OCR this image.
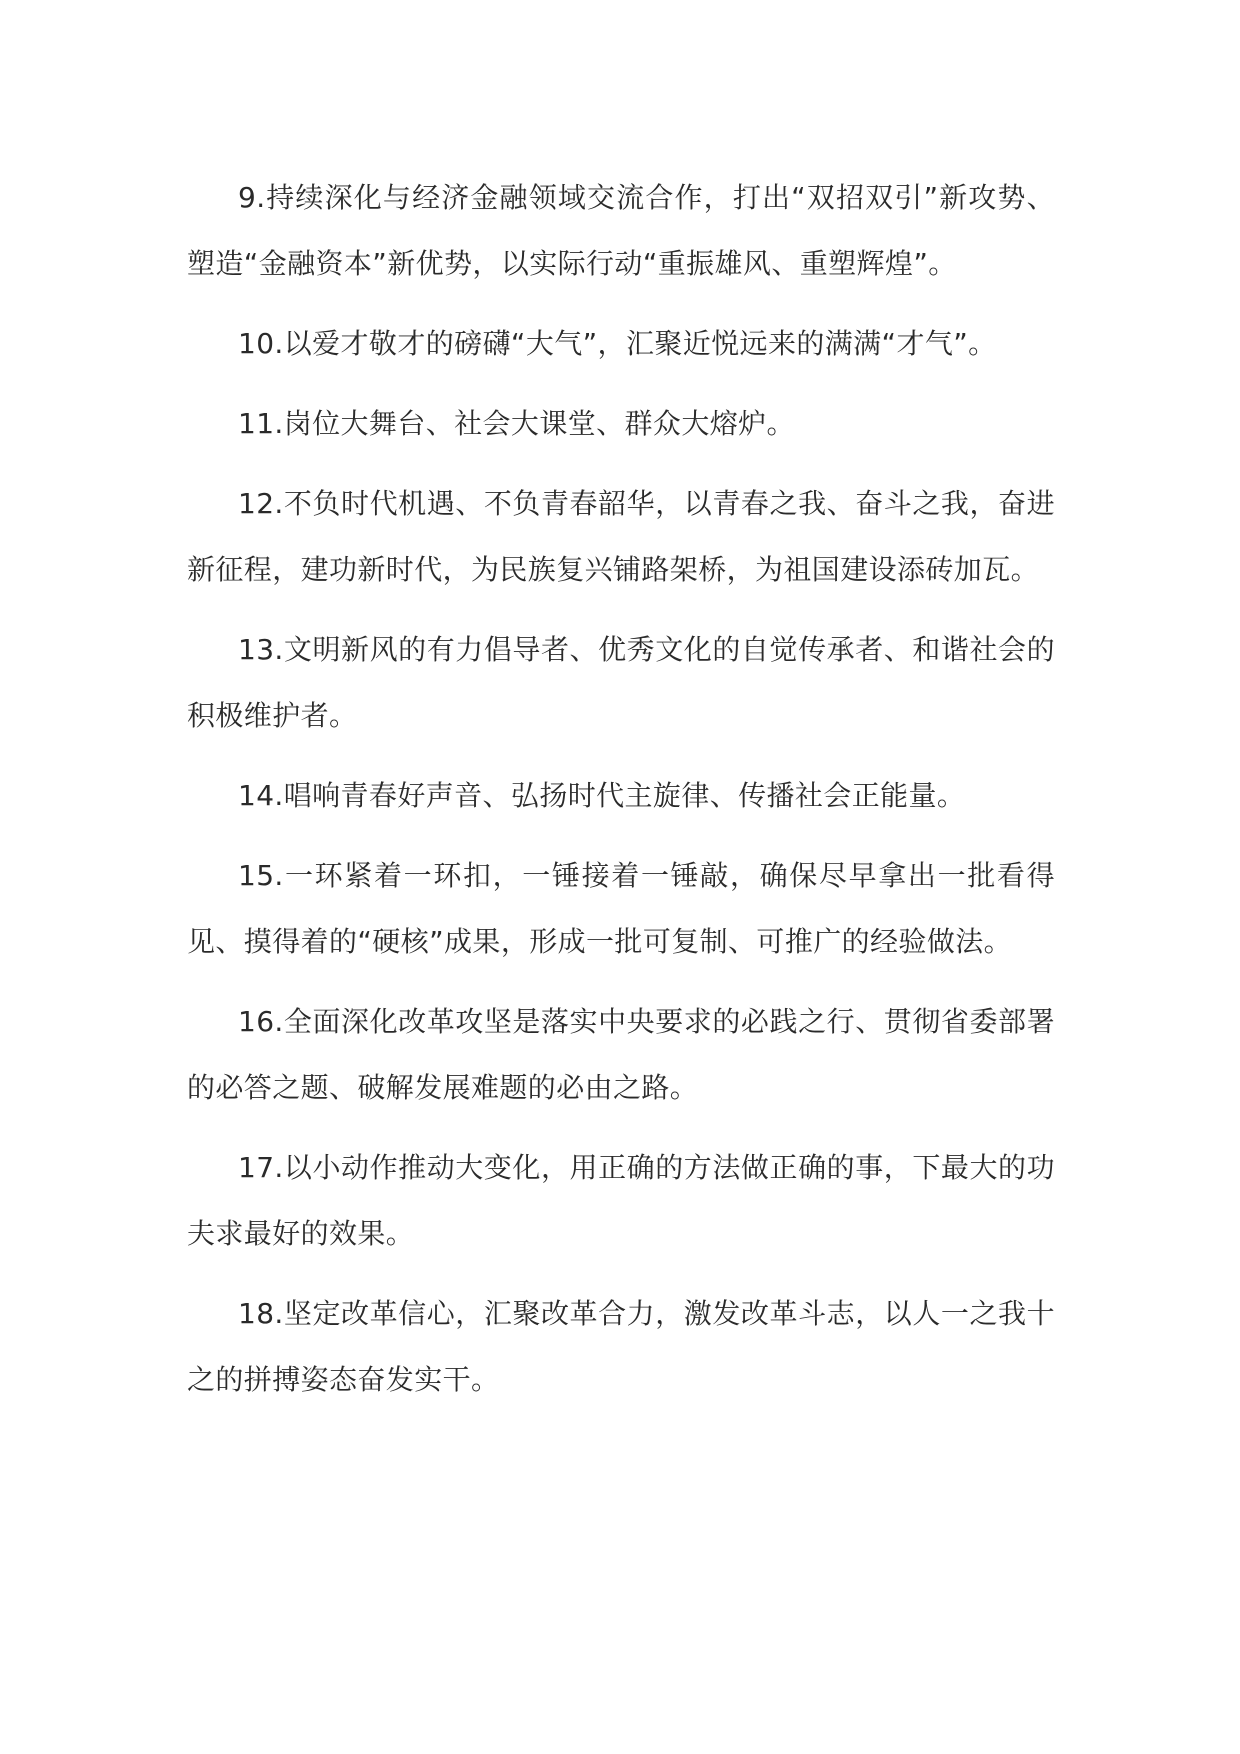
9.持续深化与经济金融领域交流合作，打出“双招双引”新攻势、塑造“金融资本”新优势，以实际行动“重振雄风、重塑辉煌”。

10.以爱才敬才的磅礴“大气”，汇聚近悦远来的满满“才气”。

11.岗位大舞台、社会大课堂、群众大熔炉。

12.不负时代机遇、不负青春韶华，以青春之我、奋斗之我，奋进新征程，建功新时代，为民族复兴铺路架桥，为祖国建设添砖加瓦。

13.文明新风的有力倡导者、优秀文化的自觉传承者、和谐社会的积极维护者。

14.唱响青春好声音、弘扬时代主旋律、传播社会正能量。

15.一环紧着一环扣，一锤接着一锤敲，确保尽早拿出一批看得见、摸得着的“硬核”成果，形成一批可复制、可推广的经验做法。

16.全面深化改革攻坚是落实中央要求的必践之行、贯彻省委部署的必答之题、破解发展难题的必由之路。

17.以小动作推动大变化，用正确的方法做正确的事，下最大的功夫求最好的效果。

18.坚定改革信心，汇聚改革合力，激发改革斗志，以人一之我十之的拼搏姿态奋发实干。
